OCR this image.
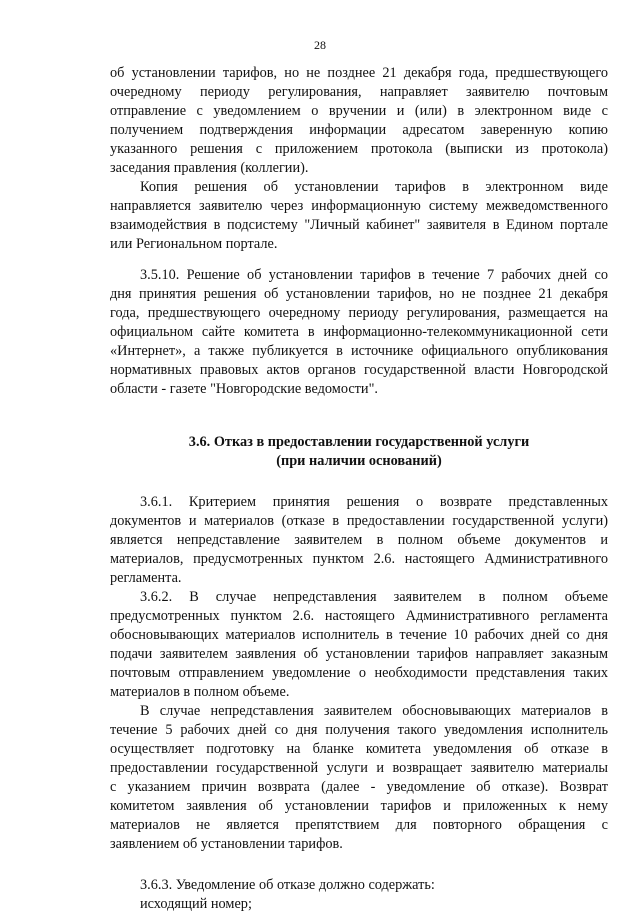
28
об установлении тарифов, но не позднее 21 декабря года, предшествующего
очередному периоду регулирования, направляет заявителю почтовым
отправление с уведомлением о вручении и (или) в электронном виде с
получением подтверждения информации адресатом заверенную копию
указанного решения с приложением протокола (выписки из протокола)
заседания правления (коллегии).
Копия решения об установлении тарифов в электронном виде
направляется заявителю через информационную систему межведомственного
взаимодействия в подсистему "Личный кабинет" заявителя в Едином портале
или Региональном портале.
3.5.10. Решение об установлении тарифов в течение 7 рабочих дней со
дня принятия решения об установлении тарифов, но не позднее 21 декабря
года, предшествующего очередному периоду регулирования, размещается на
официальном сайте комитета в информационно-телекоммуникационной сети
«Интернет», а также публикуется в источнике официального опубликования
нормативных правовых актов органов государственной власти Новгородской
области - газете "Новгородские ведомости".
3.6. Отказ в предоставлении государственной услуги
(при наличии оснований)
3.6.1. Критерием принятия решения о возврате представленных
документов и материалов (отказе в предоставлении государственной услуги)
является непредставление заявителем в полном объеме документов и
материалов, предусмотренных пунктом 2.6. настоящего Административного
регламента.
3.6.2. В случае непредставления заявителем в полном объеме
предусмотренных пунктом 2.6. настоящего Административного регламента
обосновывающих материалов исполнитель в течение 10 рабочих дней со дня
подачи заявителем заявления об установлении тарифов направляет заказным
почтовым отправлением уведомление о необходимости представления таких
материалов в полном объеме.
В случае непредставления заявителем обосновывающих материалов в
течение 5 рабочих дней со дня получения такого уведомления исполнитель
осуществляет подготовку на бланке комитета уведомления об отказе в
предоставлении государственной услуги и возвращает заявителю материалы
с указанием причин возврата (далее - уведомление об отказе). Возврат
комитетом заявления об установлении тарифов и приложенных к нему
материалов не является препятствием для повторного обращения с
заявлением об установлении тарифов.
3.6.3. Уведомление об отказе должно содержать:
исходящий номер;
